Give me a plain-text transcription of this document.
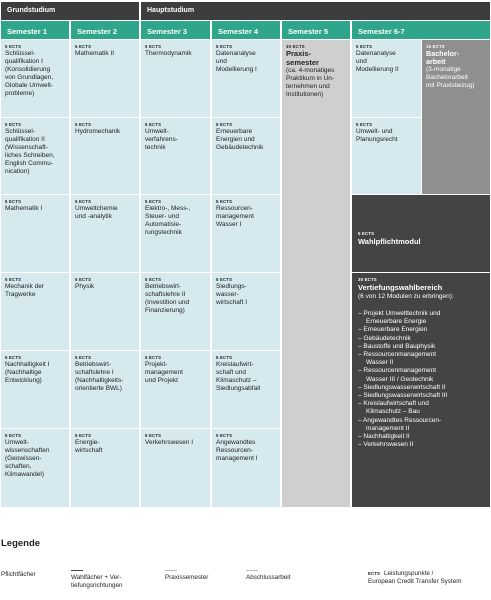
Grundstudium	Hauptstudium
Semester 1	Semester 2	Semester 3	Semester 4	Semester 5	Semester 6-7
5 ECTS
Schlüssel-
qualifikation I
(Konsolidierung
von Grundlagen,
Globale Umwelt-
probleme)
5 ECTS
Schlüssel-
qualifikation II
(Wissenschaft-
liches Schreiben,
English Commu-
nication)
5 ECTS
Mathematik I
5 ECTS
Mechanik der
Tragwerke
5 ECTS
Nachhaltigkeit I
(Nachhaltige
Entwicklung)
5 ECTS
Umwelt-
wissenschaften
(Geowissen-
schaften,
Klimawandel)
5 ECTS
Mathematik II
5 ECTS
Hydromechanik
5 ECTS
Umweltchemie
und -analytik
5 ECTS
Physik
5 ECTS
Betriebswirt-
schaftslehre I
(Nachhaltigkeits-
orientierte BWL)
5 ECTS
Energie-
wirtschaft
5 ECTS
Thermodynamik
5 ECTS
Umwelt-
verfahrens-
technik
5 ECTS
Elektro-, Mess-,
Steuer- und
Automatisie-
rungstechnik
5 ECTS
Betriebswirt-
schaftslehre II
(Investition und
Finanzierung)
5 ECTS
Projekt-
management
und Projekt
5 ECTS
Verkehrswesen I
5 ECTS
Datenanalyse
und
Modellierung I
5 ECTS
Erneuerbare
Energien und
Gebäudetechnik
5 ECTS
Ressourcen-
management
Wasser I
5 ECTS
Siedlungs-
wasser-
wirtschaft I
5 ECTS
Kreislaufwirt-
schaft und
Klimaschutz –
Siedlungsabfall
5 ECTS
Angewandtes
Ressourcen-
management I
30 ECTS
Praxis-
semester
(ca. 4-monatiges
Praktikum in Un-
ternehmen und
Institutionen)
5 ECTS
Datenanalyse
und
Modellierung II
5 ECTS
Umwelt- und
Planungsrecht
15 ECTS
Bachelor-
arbeit
(3-monatige
Bachelorarbeit
mit Praxisbezug)
5 ECTS
Wahlpflichtmodul
30 ECTS
Vertiefungswahlbereich
(6 von 12 Modulen zu erbringen):
– Projekt Umwelttechnik und
Erneuerbare Energie
– Erneuerbare Energien
– Gebäudetechnik
– Baustoffe und Bauphysik
– Ressourcenmanagement
Wasser II
– Ressourcenmanagement
Wasser III / Geotechnik
– Siedlungswasserwirtschaft II
– Siedlungswasserwirtschaft III
– Kreislaufwirtschaft und
Klimaschutz – Bau
– Angewandtes Ressourcen-
management II
– Nachhaltigkeit II
– Verkehrswesen II
Legende
Pflichtfächer	Wahlfächer + Ver-
tiefungsrichtungen
Praxissemester	Abschlussarbeit
ECTS Leistungspunkte /
European Credit Transfer System
